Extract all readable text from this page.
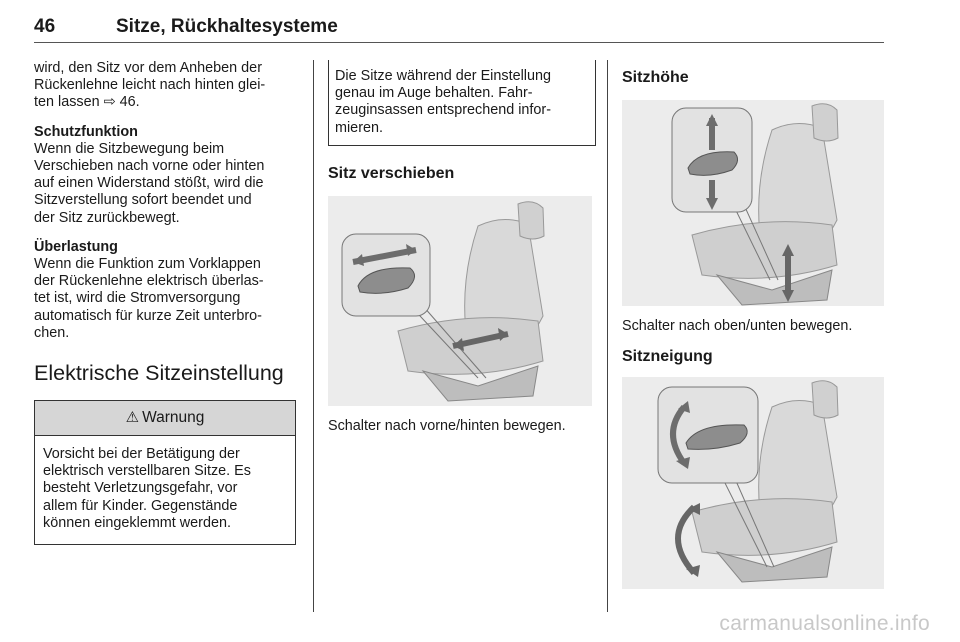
46	Sitze, Rückhaltesysteme

wird, den Sitz vor dem Anheben der

Rückenlehne leicht nach hinten glei-

ten lassen ⇨ 46.

Schutzfunktion

Wenn die Sitzbewegung beim

Verschieben nach vorne oder hinten

auf einen Widerstand stößt, wird die

Sitzverstellung sofort beendet und

der Sitz zurückbewegt.

Überlastung

Wenn die Funktion zum Vorklappen

der Rückenlehne elektrisch überlas-

tet ist, wird die Stromversorgung

automatisch für kurze Zeit unterbro-

chen.

Elektrische Sitzeinstellung
⚠ Warnung

Vorsicht bei der Betätigung der

elektrisch verstellbaren Sitze. Es

besteht Verletzungsgefahr, vor

allem für Kinder. Gegenstände

können eingeklemmt werden.

Die Sitze während der Einstellung

genau im Auge behalten. Fahr-

zeuginsassen entsprechend infor-

mieren.

Sitz verschieben
Schalter nach vorne/hinten bewegen.
Sitzhöhe
Schalter nach oben/unten bewegen.
Sitzneigung
carmanualsonline.info
